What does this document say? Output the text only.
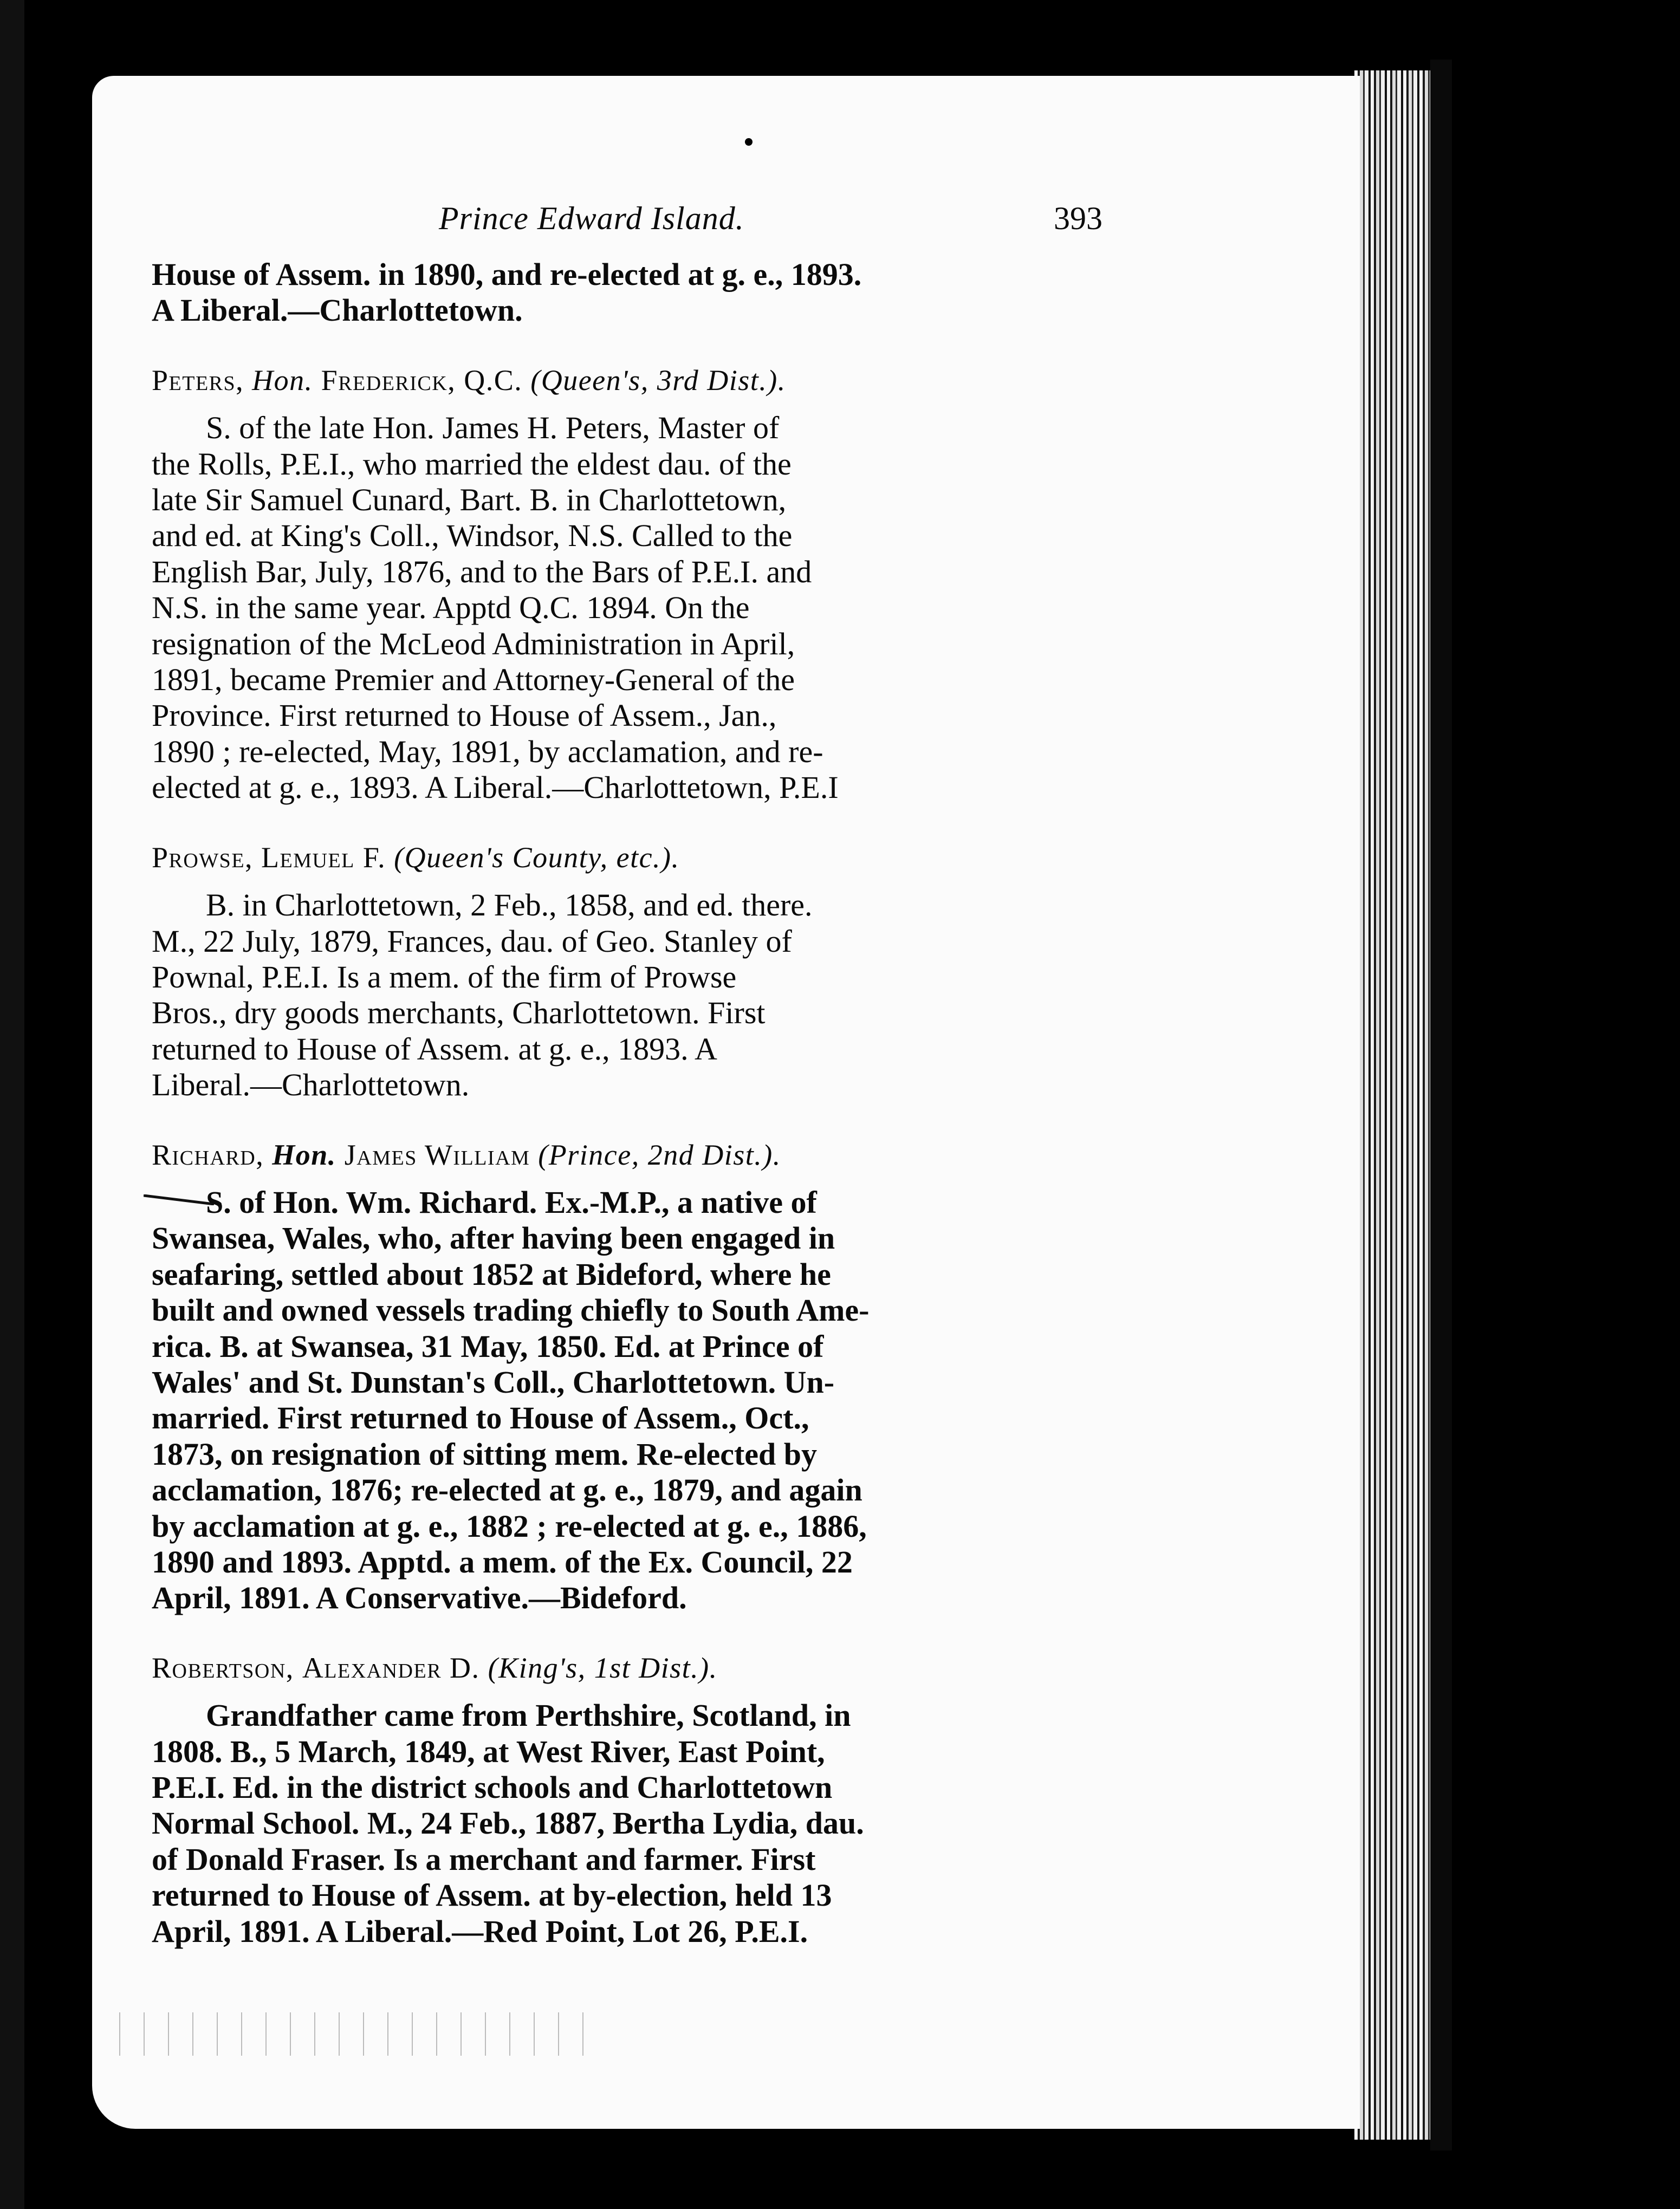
Prince Edward Island.	393

House of Assem. in 1890, and re-elected at g. e., 1893.

A Liberal.—Charlottetown.

Peters, Hon. Frederick, Q.C. (Queen's, 3rd Dist.).

S. of the late Hon. James H. Peters, Master of

the Rolls, P.E.I., who married the eldest dau. of the

late Sir Samuel Cunard, Bart. B. in Charlottetown,

and ed. at King's Coll., Windsor, N.S. Called to the

English Bar, July, 1876, and to the Bars of P.E.I. and

N.S. in the same year. Apptd Q.C. 1894. On the

resignation of the McLeod Administration in April,

1891, became Premier and Attorney-General of the

Province. First returned to House of Assem., Jan.,

1890 ; re-elected, May, 1891, by acclamation, and re-

elected at g. e., 1893. A Liberal.—Charlottetown, P.E.I

Prowse, Lemuel F. (Queen's County, etc.).

B. in Charlottetown, 2 Feb., 1858, and ed. there.

M., 22 July, 1879, Frances, dau. of Geo. Stanley of

Pownal, P.E.I. Is a mem. of the firm of Prowse

Bros., dry goods merchants, Charlottetown. First

returned to House of Assem. at g. e., 1893. A

Liberal.—Charlottetown.

Richard, Hon. James William (Prince, 2nd Dist.).

S. of Hon. Wm. Richard. Ex.-M.P., a native of

Swansea, Wales, who, after having been engaged in

seafaring, settled about 1852 at Bideford, where he

built and owned vessels trading chiefly to South Ame-

rica. B. at Swansea, 31 May, 1850. Ed. at Prince of

Wales' and St. Dunstan's Coll., Charlottetown. Un-

married. First returned to House of Assem., Oct.,

1873, on resignation of sitting mem. Re-elected by

acclamation, 1876; re-elected at g. e., 1879, and again

by acclamation at g. e., 1882 ; re-elected at g. e., 1886,

1890 and 1893. Apptd. a mem. of the Ex. Council, 22

April, 1891. A Conservative.—Bideford.

Robertson, Alexander D. (King's, 1st Dist.).

Grandfather came from Perthshire, Scotland, in

1808. B., 5 March, 1849, at West River, East Point,

P.E.I. Ed. in the district schools and Charlottetown

Normal School. M., 24 Feb., 1887, Bertha Lydia, dau.

of Donald Fraser. Is a merchant and farmer. First

returned to House of Assem. at by-election, held 13

April, 1891. A Liberal.—Red Point, Lot 26, P.E.I.
